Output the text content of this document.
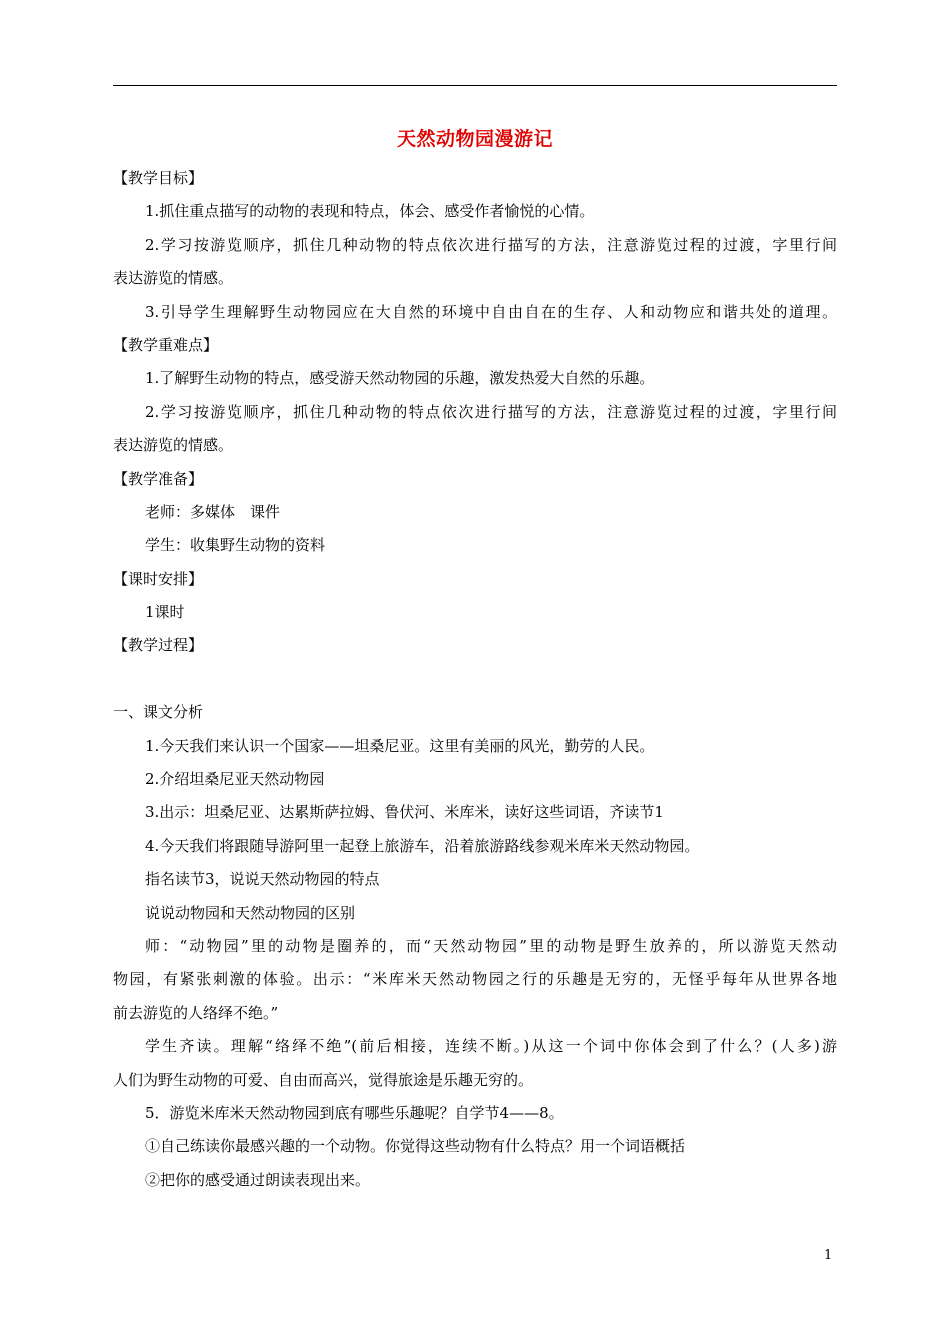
天然动物园漫游记
【教学目标】
1.抓住重点描写的动物的表现和特点，体会、感受作者愉悦的心情。
2.学习按游览顺序，抓住几种动物的特点依次进行描写的方法，注意游览过程的过渡，字里行间
表达游览的情感。
3.引导学生理解野生动物园应在大自然的环境中自由自在的生存、人和动物应和谐共处的道理。
【教学重难点】
1.了解野生动物的特点，感受游天然动物园的乐趣，激发热爱大自然的乐趣。
2.学习按游览顺序，抓住几种动物的特点依次进行描写的方法，注意游览过程的过渡，字里行间
表达游览的情感。
【教学准备】
老师：多媒体　课件
学生：收集野生动物的资料
【课时安排】
1课时
【教学过程】
一、课文分析
1.今天我们来认识一个国家——坦桑尼亚。这里有美丽的风光，勤劳的人民。
2.介绍坦桑尼亚天然动物园
3.出示：坦桑尼亚、达累斯萨拉姆、鲁伏河、米库米，读好这些词语，齐读节1
4.今天我们将跟随导游阿里一起登上旅游车，沿着旅游路线参观米库米天然动物园。
指名读节3，说说天然动物园的特点
说说动物园和天然动物园的区别
师：“动物园”里的动物是圈养的，而“天然动物园”里的动物是野生放养的，所以游览天然动
物园，有紧张刺激的体验。出示：“米库米天然动物园之行的乐趣是无穷的，无怪乎每年从世界各地
前去游览的人络绎不绝。”
学生齐读。理解“络绎不绝”(前后相接，连续不断。)从这一个词中你体会到了什么？(人多)游
人们为野生动物的可爱、自由而高兴，觉得旅途是乐趣无穷的。
5．游览米库米天然动物园到底有哪些乐趣呢？自学节4——8。
①自己练读你最感兴趣的一个动物。你觉得这些动物有什么特点？用一个词语概括
②把你的感受通过朗读表现出来。
1
